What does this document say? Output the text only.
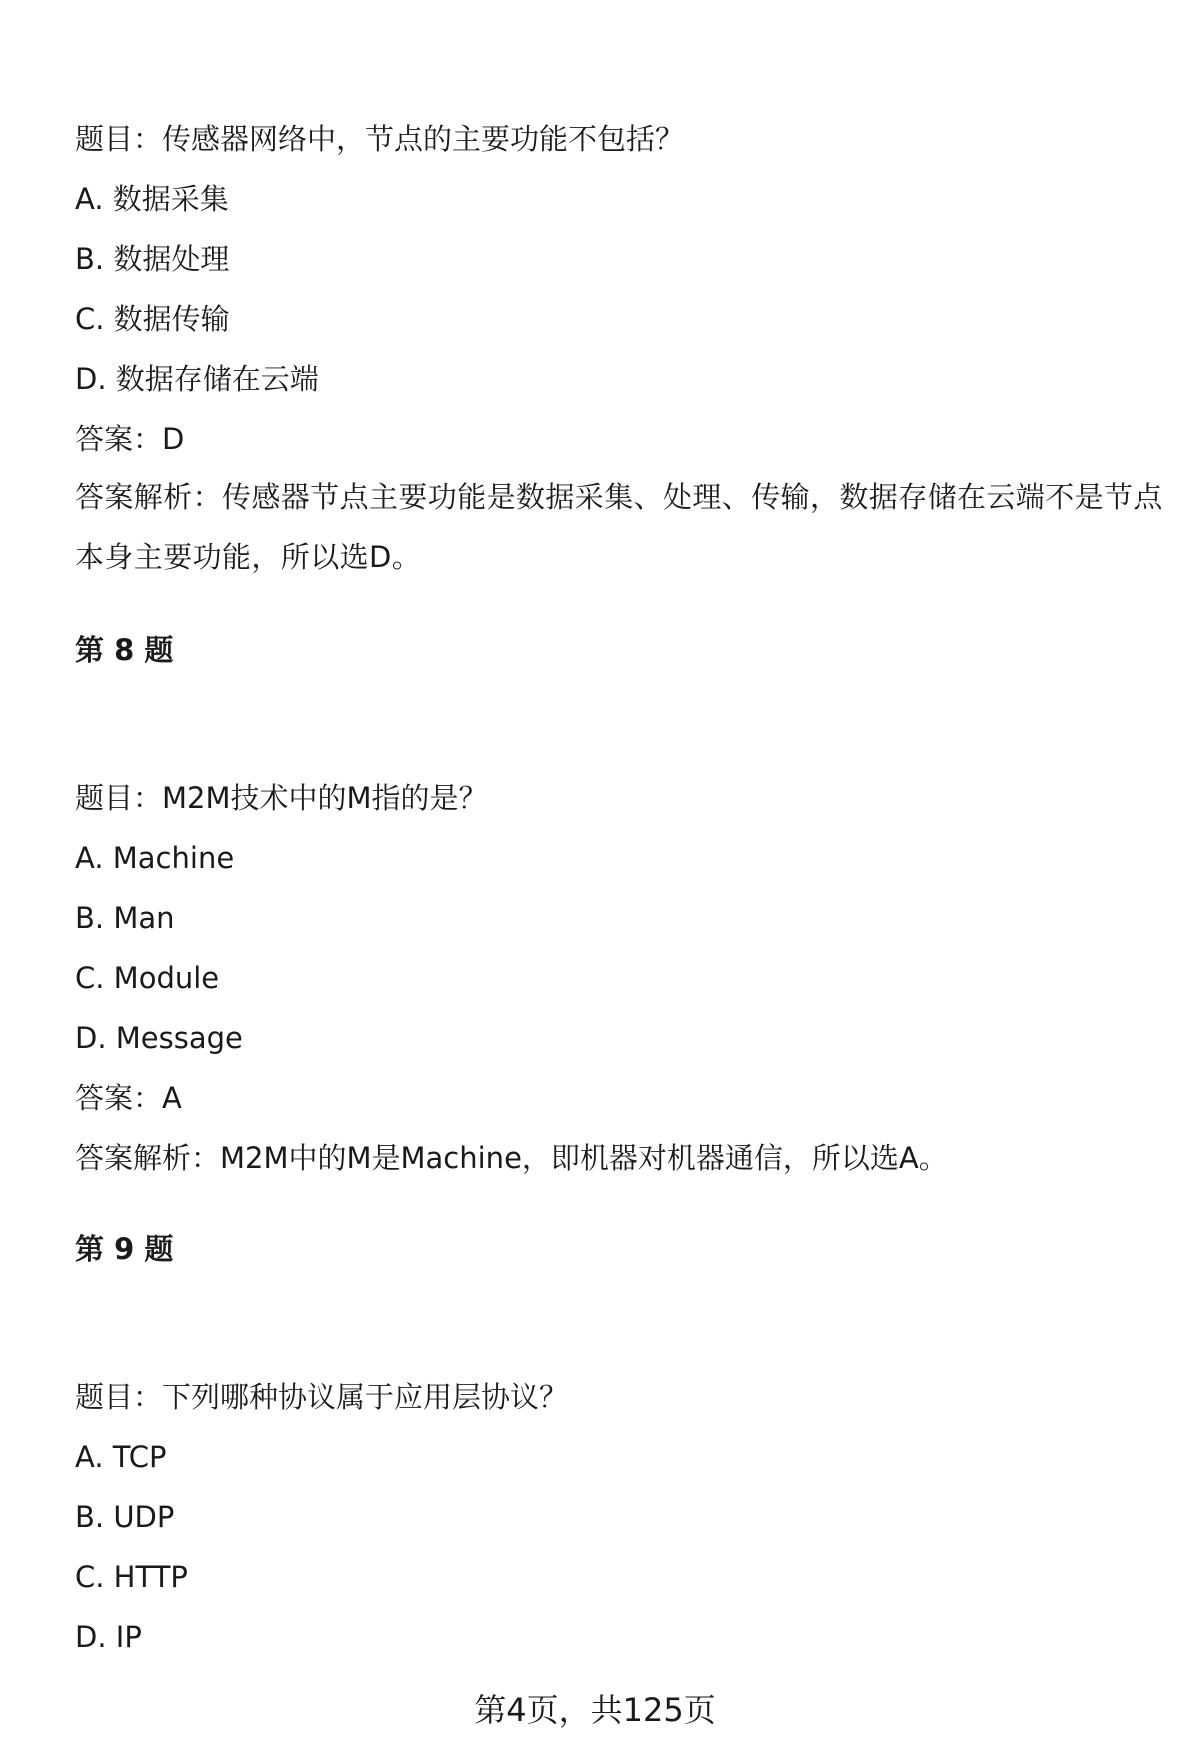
题目：传感器网络中，节点的主要功能不包括？
A. 数据采集
B. 数据处理
C. 数据传输
D. 数据存储在云端
答案：D
答案解析：传感器节点主要功能是数据采集、处理、传输，数据存储在云端不是节点本身主要功能，所以选D。
第 8 题
题目：M2M技术中的M指的是？
A. Machine
B. Man
C. Module
D. Message
答案：A
答案解析：M2M中的M是Machine，即机器对机器通信，所以选A。
第 9 题
题目：下列哪种协议属于应用层协议？
A. TCP
B. UDP
C. HTTP
D. IP
第4页，共125页
